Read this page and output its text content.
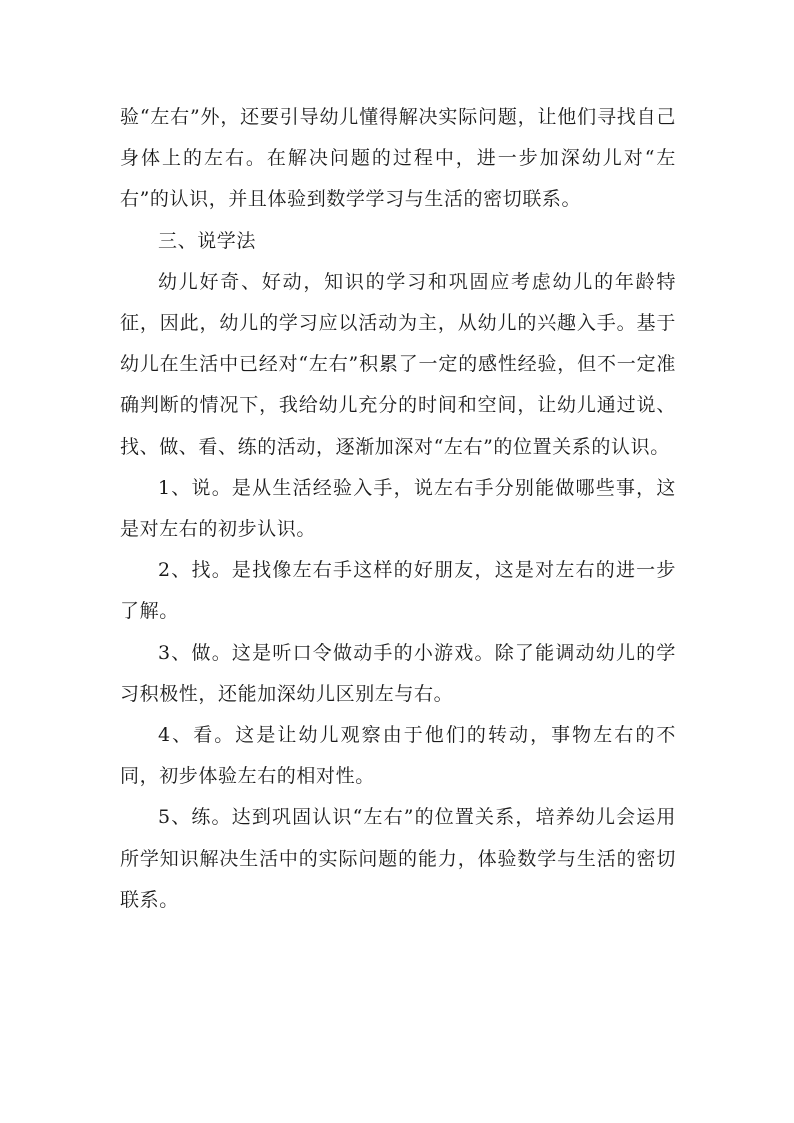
验“左右”外，还要引导幼儿懂得解决实际问题，让他们寻找自己身体上的左右。在解决问题的过程中，进一步加深幼儿对“左右”的认识，并且体验到数学学习与生活的密切联系。

三、说学法

幼儿好奇、好动，知识的学习和巩固应考虑幼儿的年龄特征，因此，幼儿的学习应以活动为主，从幼儿的兴趣入手。基于幼儿在生活中已经对“左右”积累了一定的感性经验，但不一定准确判断的情况下，我给幼儿充分的时间和空间，让幼儿通过说、找、做、看、练的活动，逐渐加深对“左右”的位置关系的认识。

1、说。是从生活经验入手，说左右手分别能做哪些事，这是对左右的初步认识。

2、找。是找像左右手这样的好朋友，这是对左右的进一步了解。

3、做。这是听口令做动手的小游戏。除了能调动幼儿的学习积极性，还能加深幼儿区别左与右。

4、看。这是让幼儿观察由于他们的转动，事物左右的不同，初步体验左右的相对性。

5、练。达到巩固认识“左右”的位置关系，培养幼儿会运用所学知识解决生活中的实际问题的能力，体验数学与生活的密切联系。
